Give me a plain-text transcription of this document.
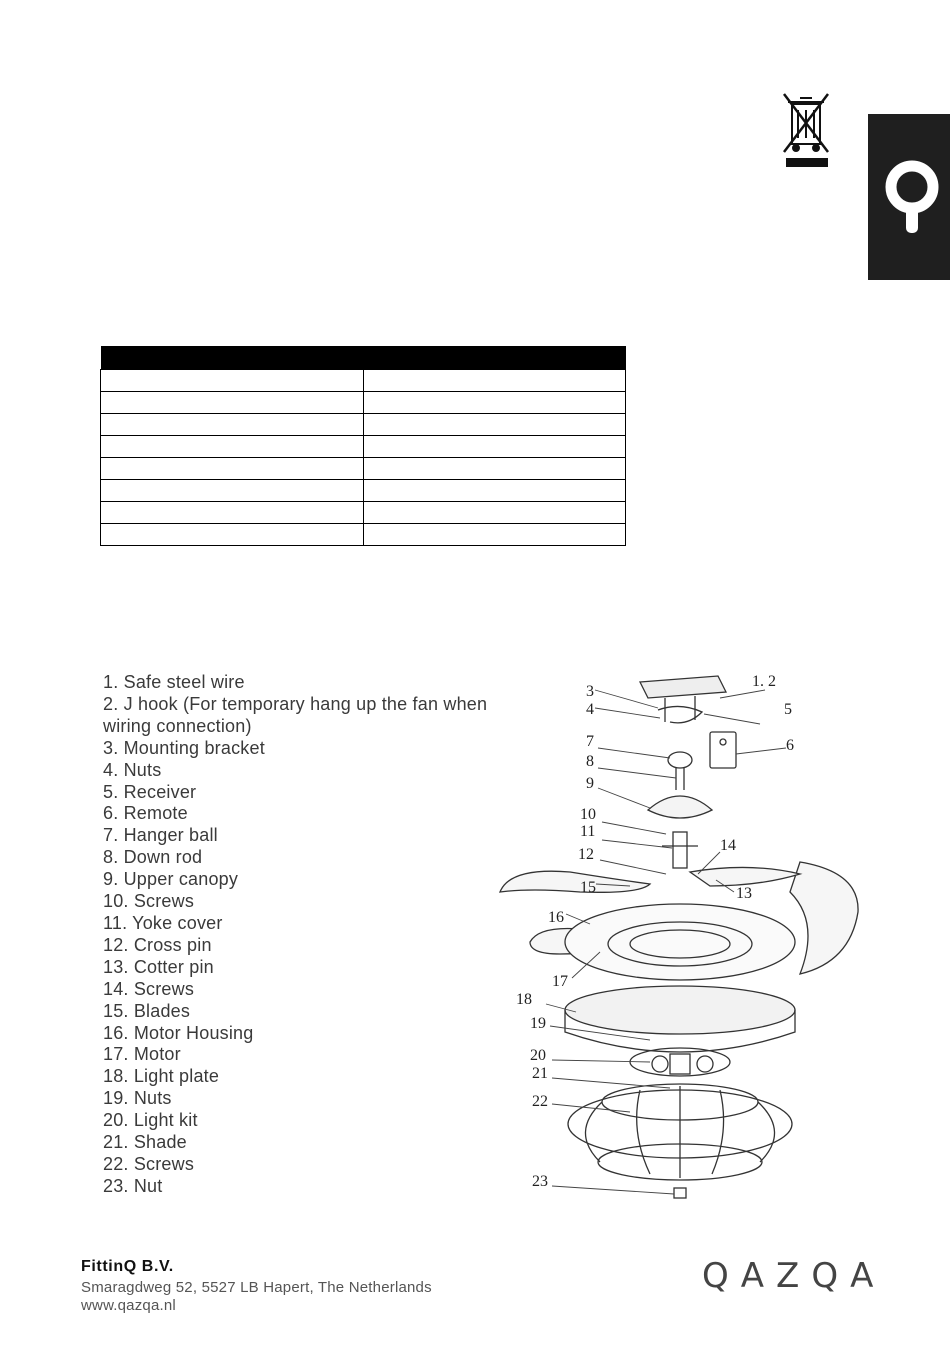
1. Safe steel wire
2. J hook (For temporary hang up the fan when
wiring connection)
3. Mounting bracket
4. Nuts
5. Receiver
6. Remote
7. Hanger ball
8. Down rod
9. Upper canopy
10. Screws
11. Yoke cover
12. Cross pin
13. Cotter pin
14. Screws
15. Blades
16. Motor Housing
17. Motor
18. Light plate
19. Nuts
20. Light kit
21. Shade
22. Screws
23. Nut
1. 2
3
4	5
6
7
8
9
10
11
12
14
15	13
16
17
18
19
20
21
22
23
FittinQ B.V.
Smaragdweg 52, 5527 LB Hapert, The Netherlands
www.qazqa.nl
QAZQA
